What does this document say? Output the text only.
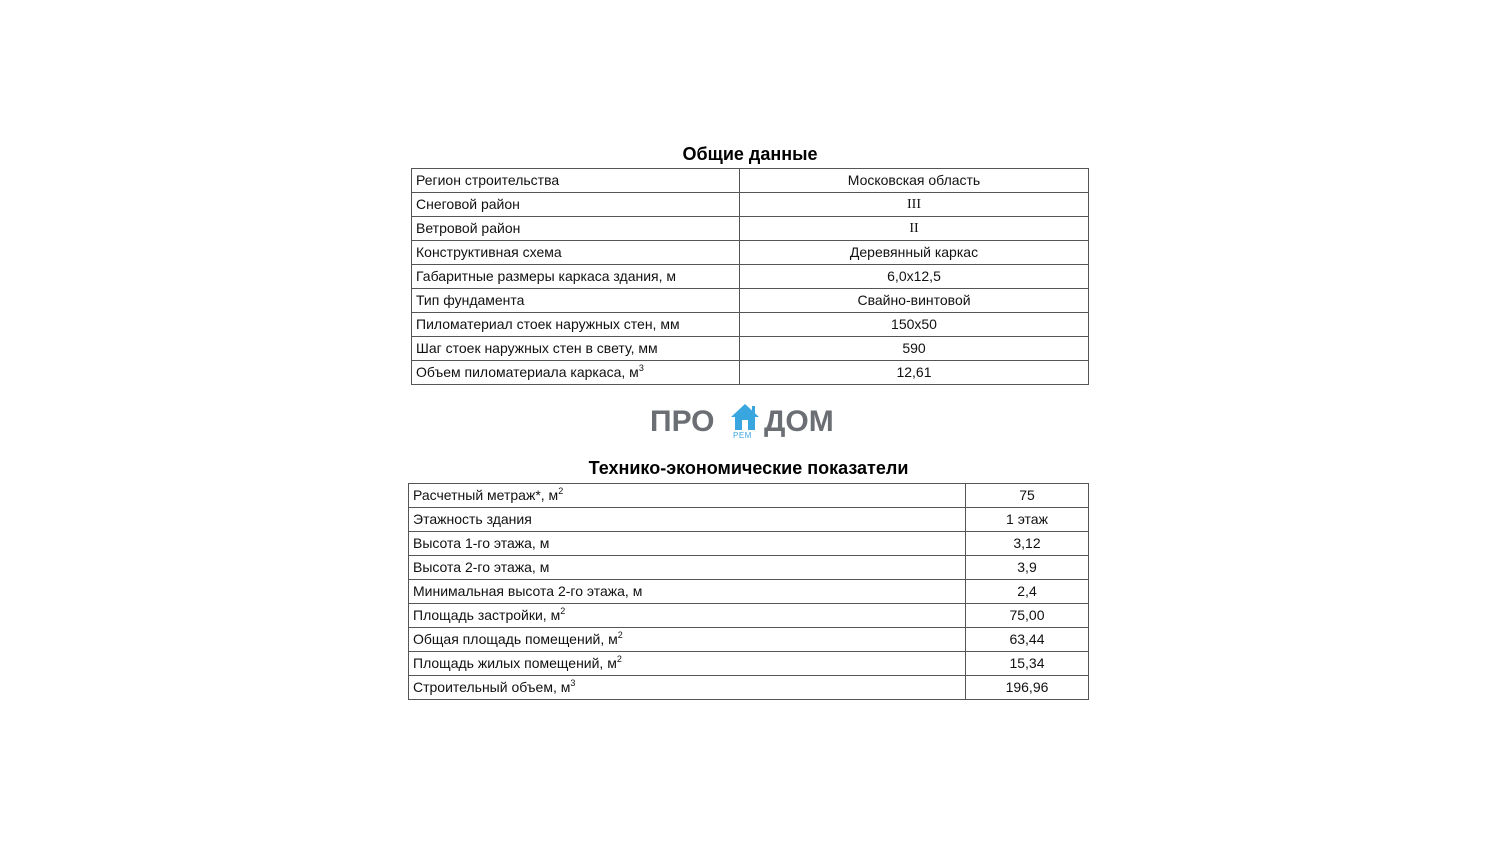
Общие данные
Регион строительства	Московская область
Снеговой район	III
Ветровой район	II
Конструктивная схема	Деревянный каркас
Габаритные размеры каркаса здания, м	6,0x12,5
Тип фундамента	Свайно-винтовой
Пиломатериал стоек наружных стен, мм	150x50
Шаг стоек наружных стен в свету, мм	590
Объем пиломатериала каркаса, $м^3$	12,61
ПРО РЕМ ДОМ
Технико-экономические показатели
Расчетный метраж*, $м^2$	75
Этажность здания	1 этаж
Высота 1-го этажа, м	3,12
Высота 2-го этажа, м	3,9
Минимальная высота 2-го этажа, м	2,4
Площадь застройки, $м^2$	75,00
Общая площадь помещений, $м^2$	63,44
Площадь жилых помещений, $м^2$	15,34
Строительный объем, $м^3$	196,96
